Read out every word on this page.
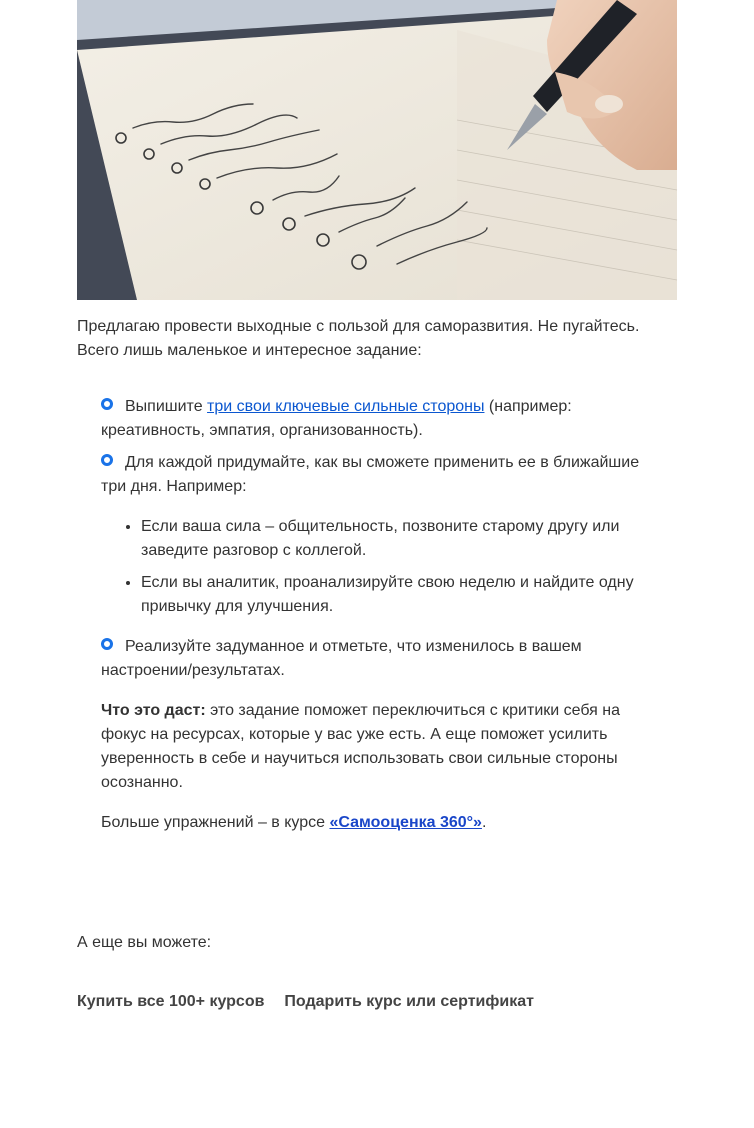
Предлагаю провести выходные с пользой для саморазвития. Не пугайтесь. Всего лишь маленькое и интересное задание:

Выпишите три свои ключевые сильные стороны (например: креативность, эмпатия, организованность).
Для каждой придумайте, как вы сможете применить ее в ближайшие три дня. Например:
• Если ваша сила – общительность, позвоните старому другу или заведите разговор с коллегой.
• Если вы аналитик, проанализируйте свою неделю и найдите одну привычку для улучшения.
Реализуйте задуманное и отметьте, что изменилось в вашем настроении/результатах.

Что это даст: это задание поможет переключиться с критики себя на фокус на ресурсах, которые у вас уже есть. А еще поможет усилить уверенность в себе и научиться использовать свои сильные стороны осознанно.

Больше упражнений – в курсе «Самооценка 360°».

А еще вы можете:

Купить все 100+ курсов Подарить курс или сертификат
